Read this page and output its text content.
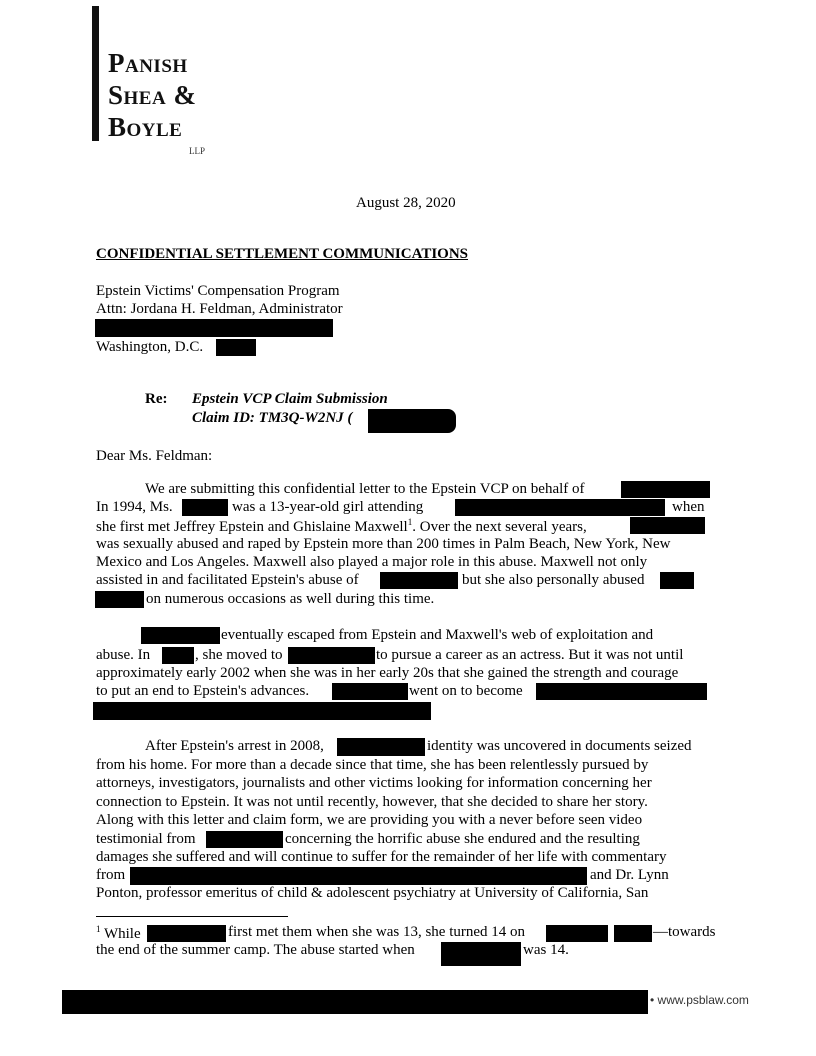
Panish
Shea &
Boyle
LLP
August 28, 2020
CONFIDENTIAL SETTLEMENT COMMUNICATIONS
Epstein Victims' Compensation Program
Attn: Jordana H. Feldman, Administrator
Washington, D.C.
Re: Epstein VCP Claim Submission
Claim ID: TM3Q-W2NJ (
Dear Ms. Feldman:
We are submitting this confidential letter to the Epstein VCP on behalf of
In 1994, Ms.	was a 13-year-old girl attending	when
she first met Jeffrey Epstein and Ghislaine Maxwell$^1$. Over the next several years,
was sexually abused and raped by Epstein more than 200 times in Palm Beach, New York, New
Mexico and Los Angeles. Maxwell also played a major role in this abuse. Maxwell not only
assisted in and facilitated Epstein's abuse of	but she also personally abused
on numerous occasions as well during this time.
eventually escaped from Epstein and Maxwell's web of exploitation and
abuse. In	, she moved to	to pursue a career as an actress. But it was not until
approximately early 2002 when she was in her early 20s that she gained the strength and courage
to put an end to Epstein's advances.	went on to become
After Epstein's arrest in 2008,	identity was uncovered in documents seized
from his home. For more than a decade since that time, she has been relentlessly pursued by
attorneys, investigators, journalists and other victims looking for information concerning her
connection to Epstein. It was not until recently, however, that she decided to share her story.
Along with this letter and claim form, we are providing you with a never before seen video
testimonial from	concerning the horrific abuse she endured and the resulting
damages she suffered and will continue to suffer for the remainder of her life with commentary
from	and Dr. Lynn
Ponton, professor emeritus of child & adolescent psychiatry at University of California, San
$^1$ While	first met them when she was 13, she turned 14 on	—towards
the end of the summer camp. The abuse started when	was 14.
• www.psblaw.com
